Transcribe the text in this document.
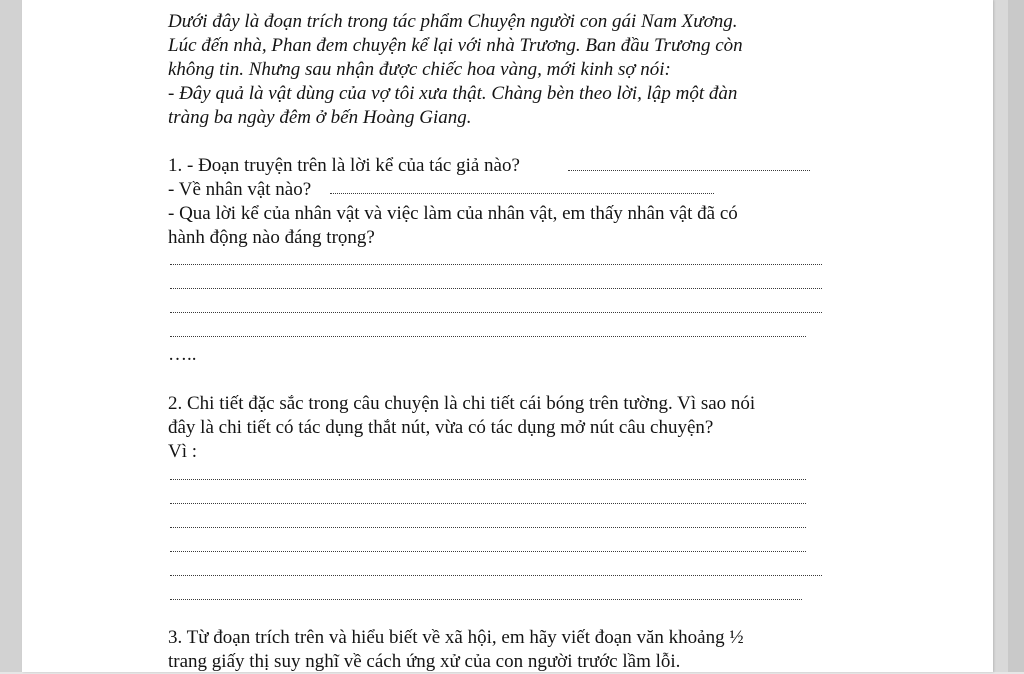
Dưới đây là đoạn trích trong tác phẩm Chuyện người con gái Nam Xương.
Lúc đến nhà, Phan đem chuyện kể lại với nhà Trương. Ban đầu Trương còn
không tin. Nhưng sau nhận được chiếc hoa vàng, mới kinh sợ nói:
- Đây quả là vật dùng của vợ tôi xưa thật. Chàng bèn theo lời, lập một đàn
tràng ba ngày đêm ở bến Hoàng Giang.
1. - Đoạn truyện trên là lời kể của tác giả nào?
- Về nhân vật nào?
- Qua lời kể của nhân vật và việc làm của nhân vật, em thấy nhân vật đã có
hành động nào đáng trọng?
…..
2. Chi tiết đặc sắc trong câu chuyện là chi tiết cái bóng trên tường. Vì sao nói
đây là chi tiết có tác dụng thắt nút, vừa có tác dụng mở nút câu chuyện?
Vì :
3. Từ đoạn trích trên và hiểu biết về xã hội, em hãy viết đoạn văn khoảng ½
trang giấy thị suy nghĩ về cách ứng xử của con người trước lầm lỗi.
